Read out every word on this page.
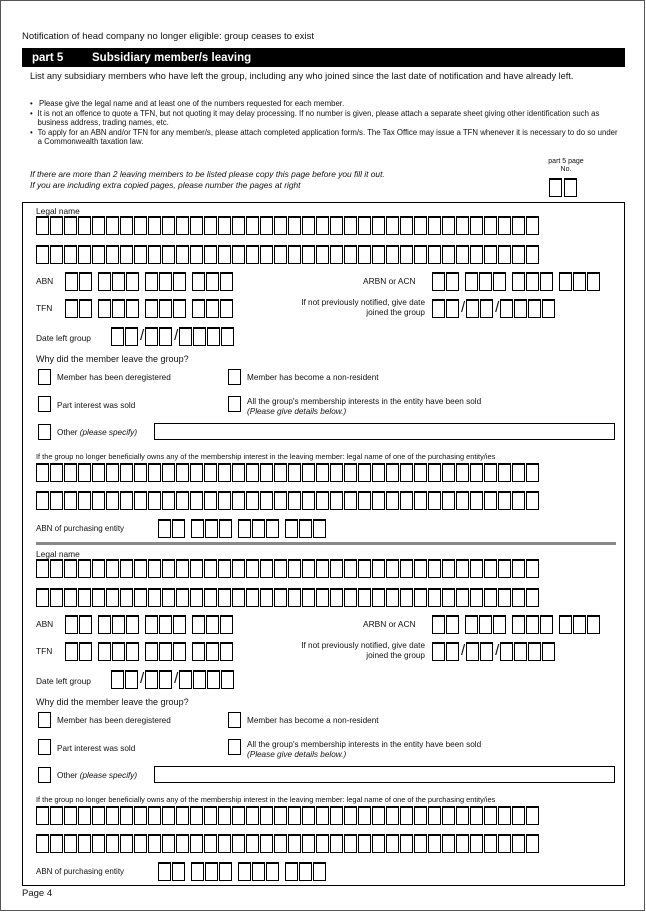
Notification of head company no longer eligible: group ceases to exist
part 5	Subsidiary member/s leaving
List any subsidiary members who have left the group, including any who joined since the last date of notification and have already left.
• Please give the legal name and at least one of the numbers requested for each member.
• It is not an offence to quote a TFN, but not quoting it may delay processing. If no number is given, please attach a separate sheet giving other identification such as business address, trading names, etc.
• To apply for an ABN and/or TFN for any member/s, please attach completed application form/s. The Tax Office may issue a TFN whenever it is necessary to do so under a Commonwealth taxation law.
If there are more than 2 leaving members to be listed please copy this page before you fill it out.
If you are including extra copied pages, please number the pages at right
part 5 page No.
Legal name
ABN	ARBN or ACN
TFN
If not previously notified, give date joined the group / /
Date left group	/ /
Why did the member leave the group?
Member has been deregistered	Member has become a non-resident
Part interest was sold	All the group's membership interests in the entity have been sold
(Please give details below.)
Other (please specify)
If the group no longer beneficially owns any of the membership interest in the leaving member: legal name of one of the purchasing entity/ies
ABN of purchasing entity
Legal name
ABN	ARBN or ACN
TFN
If not previously notified, give date joined the group / /
Date left group	/ /
Why did the member leave the group?
Member has been deregistered	Member has become a non-resident
Part interest was sold	All the group's membership interests in the entity have been sold
(Please give details below.)
Other (please specify)
If the group no longer beneficially owns any of the membership interest in the leaving member: legal name of one of the purchasing entity/ies
ABN of purchasing entity
Page 4
